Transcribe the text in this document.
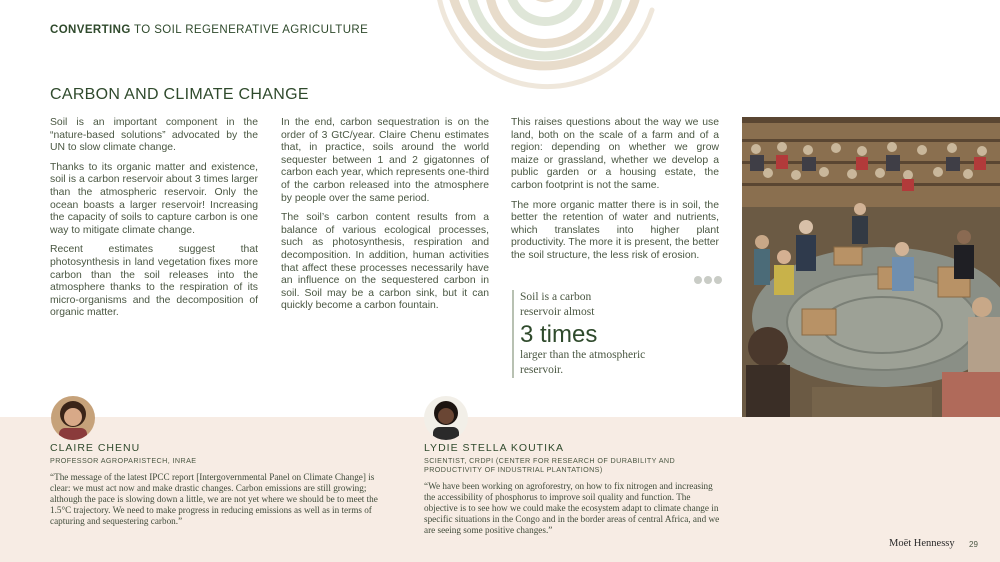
CONVERTING TO SOIL REGENERATIVE AGRICULTURE
CARBON AND CLIMATE CHANGE

Soil is an important component in the “nature-based solutions” advocated by the UN to slow climate change.

Thanks to its organic matter and existence, soil is a carbon reservoir about 3 times larger than the atmospheric reservoir. Only the ocean boasts a larger reservoir! Increasing the capacity of soils to capture carbon is one way to mitigate climate change.

Recent estimates suggest that photosynthesis in land vegetation fixes more carbon than the soil releases into the atmosphere thanks to the respiration of its micro-organisms and the decomposition of organic matter.

In the end, carbon sequestration is on the order of 3 GtC/year. Claire Chenu estimates that, in practice, soils around the world sequester between 1 and 2 gigatonnes of carbon each year, which represents one-third of the carbon released into the atmosphere by people over the same period.

The soil’s carbon content results from a balance of various ecological processes, such as photosynthesis, respiration and decomposition. In addition, human activities that affect these processes necessarily have an influence on the sequestered carbon in soil. Soil may be a carbon sink, but it can quickly become a carbon fountain.

This raises questions about the way we use land, both on the scale of a farm and of a region: depending on whether we grow maize or grassland, whether we develop a public garden or a housing estate, the carbon footprint is not the same.

The more organic matter there is in soil, the better the retention of water and nutrients, which translates into higher plant productivity. The more it is present, the better the soil structure, the less risk of erosion.

Soil is a carbon
reservoir almost
3 times
larger than the atmospheric
reservoir.
CLAIRE CHENU
PROFESSOR AGROPARISTECH, INRAE
“The message of the latest IPCC report [Intergovernmental Panel on Climate Change] is clear: we must act now and make drastic changes. Carbon emissions are still growing; although the pace is slowing down a little, we are not yet where we should be to meet the 1.5°C trajectory. We need to make progress in reducing emissions as well as in terms of capturing and sequestering carbon.”
LYDIE STELLA KOUTIKA
SCIENTIST, CRDPI (CENTER FOR RESEARCH OF DURABILITY AND PRODUCTIVITY OF INDUSTRIAL PLANTATIONS)
“We have been working on agroforestry, on how to fix nitrogen and increasing the accessibility of phosphorus to improve soil quality and function. The objective is to see how we could make the ecosystem adapt to climate change in specific situations in the Congo and in the border areas of central Africa, and we are seeing some positive changes.”
Moët Hennessy 29
